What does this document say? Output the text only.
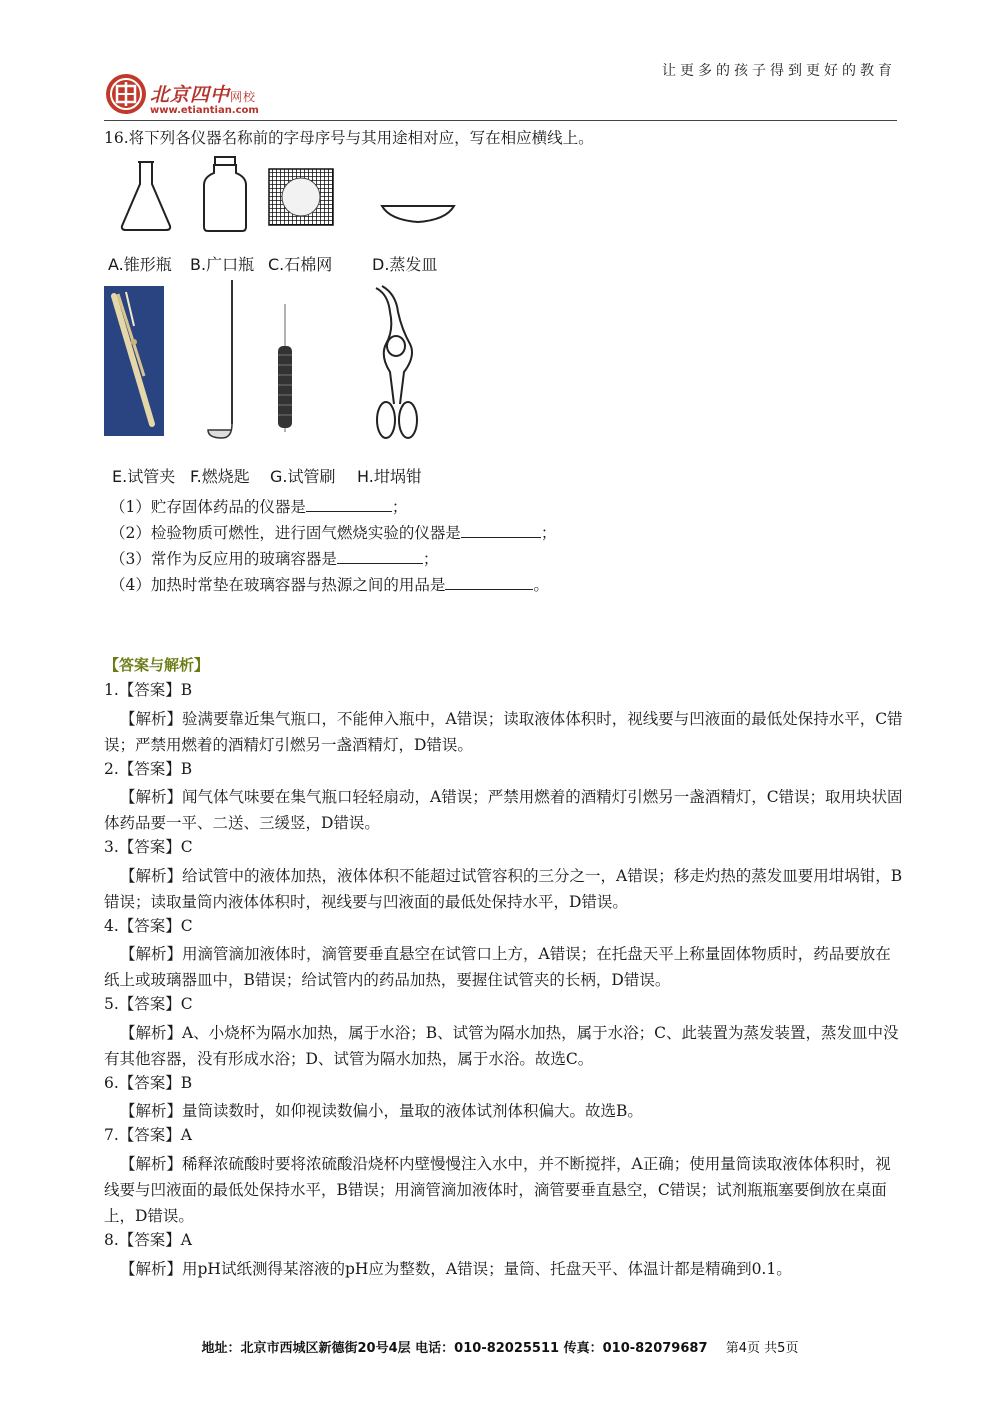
让更多的孩子得到更好的教育
北京四中网校
www.etiantian.com
16.将下列各仪器名称前的字母序号与其用途相对应，写在相应横线上。
A.锥形瓶 B.广口瓶 C.石棉网 D.蒸发皿
E.试管夹 F.燃烧匙 G.试管刷 H.坩埚钳
（1）贮存固体药品的仪器是	；
（2）检验物质可燃性，进行固气燃烧实验的仪器是	；
（3）常作为反应用的玻璃容器是	；
（4）加热时常垫在玻璃容器与热源之间的用品是	。
【答案与解析】
1.【答案】B
【解析】验满要靠近集气瓶口，不能伸入瓶中，A错误；读取液体体积时，视线要与凹液面的最低处保持水平，C错误；严禁用燃着的酒精灯引燃另一盏酒精灯，D错误。
2.【答案】B
【解析】闻气体气味要在集气瓶口轻轻扇动，A错误；严禁用燃着的酒精灯引燃另一盏酒精灯，C错误；取用块状固体药品要一平、二送、三缓竖，D错误。
3.【答案】C
【解析】给试管中的液体加热，液体体积不能超过试管容积的三分之一，A错误；移走灼热的蒸发皿要用坩埚钳，B错误；读取量筒内液体体积时，视线要与凹液面的最低处保持水平，D错误。
4.【答案】C
【解析】用滴管滴加液体时，滴管要垂直悬空在试管口上方，A错误；在托盘天平上称量固体物质时，药品要放在纸上或玻璃器皿中，B错误；给试管内的药品加热，要握住试管夹的长柄，D错误。
5.【答案】C
【解析】A、小烧杯为隔水加热，属于水浴；B、试管为隔水加热，属于水浴；C、此装置为蒸发装置，蒸发皿中没有其他容器，没有形成水浴；D、试管为隔水加热，属于水浴。故选C。
6.【答案】B
【解析】量筒读数时，如仰视读数偏小，量取的液体试剂体积偏大。故选B。
7.【答案】A
【解析】稀释浓硫酸时要将浓硫酸沿烧杯内壁慢慢注入水中，并不断搅拌，A正确；使用量筒读取液体体积时，视线要与凹液面的最低处保持水平，B错误；用滴管滴加液体时，滴管要垂直悬空，C错误；试剂瓶瓶塞要倒放在桌面上，D错误。
8.【答案】A
【解析】用pH试纸测得某溶液的pH应为整数，A错误；量筒、托盘天平、体温计都是精确到0.1。
地址：北京市西城区新德街20号4层 电话：010-82025511 传真：010-82079687 第4页 共5页
